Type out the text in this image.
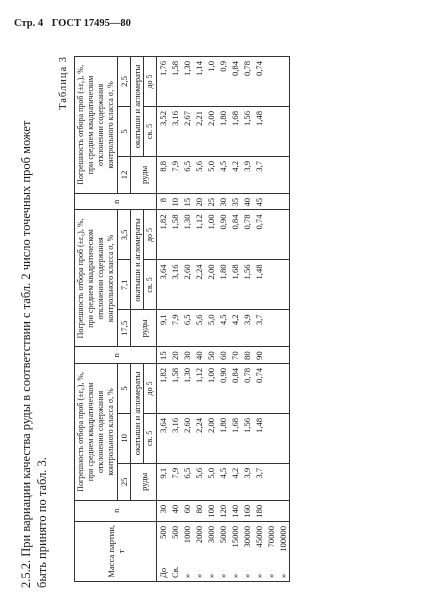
Стр. 4 ГОСТ 17495—80
2.5.2. При вариации качества руды в соответствии с табл. 2 число точечных проб может быть принято по табл. 3.
Таблица 3
Масса партии, т	n	Погрешность отбора проб (±ε₀), %, при среднем квадратическом отклонении содержания контрольного класса σ, %			n	Погрешность отбора проб (±ε₀), %, при среднем квадратическом отклонении содержания контрольного класса σ, %			n	Погрешность отбора проб (±ε₀), %, при среднем квадратическом отклонении содержания контрольного класса σ, %		
		25	10	5		17,5	7,1	3,5		12	5	2,5
		руды	окатыши и агломераты			руды	окатыши и агломераты			руды	окатыши и агломераты	
			св. 5	до 5			св. 5	до 5			св. 5	до 5
До500	30	9,1	3,64	1,82	15	9,1	3,64	1,82	8	8,8	3,52	1,76
Св.500	40	7,9	3,16	1,58	20	7,9	3,16	1,58	10	7,9	3,16	1,58
»1000	60	6,5	2,60	1,30	30	6,5	2,60	1,30	15	6,5	2,67	1,30
»2000	80	5,6	2,24	1,12	40	5,6	2,24	1,12	20	5,6	2,21	1,14
»3000	100	5,0	2,00	1,00	50	5,0	2,00	1,00	25	5,0	2,00	1,0
»5000	120	4,5	1,80	0,90	60	4,5	1,80	0,90	30	4,5	1,80	0,9
»15000	140	4,2	1,68	0,84	70	4,2	1,68	0,84	35	4,2	1,68	0,84
»30000	160	3,9	1,56	0,78	80	3,9	1,56	0,78	40	3,9	1,56	0,78
»45000	180	3,7	1,48	0,74	90	3,7	1,48	0,74	45	3,7	1,48	0,74
»70000												
»100000												
